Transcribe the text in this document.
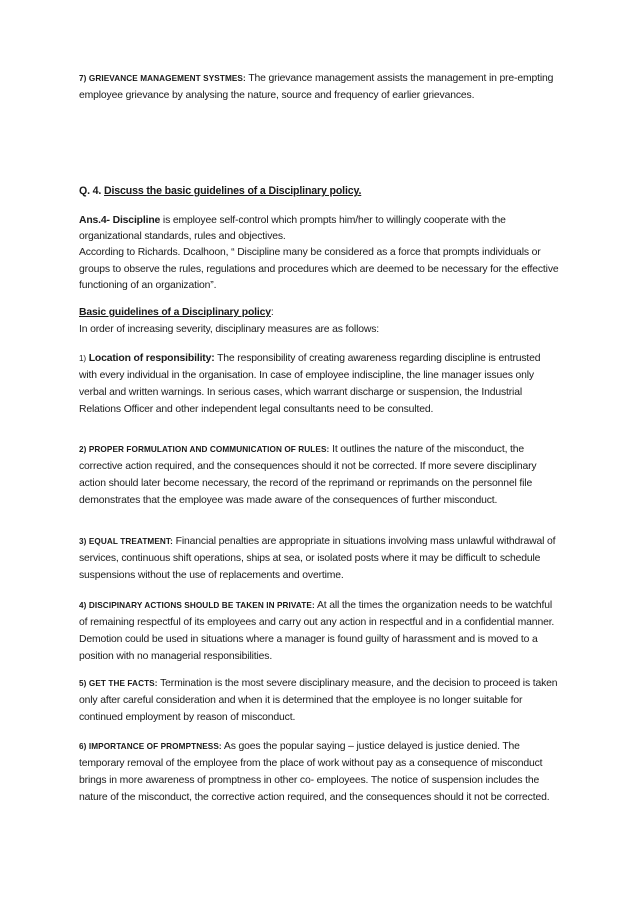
7) GRIEVANCE MANAGEMENT SYSTMES: The grievance management assists the management in pre-empting employee grievance by analysing the nature, source and frequency of earlier grievances.

Q. 4. Discuss the basic guidelines of a Disciplinary policy.

Ans.4- Discipline is employee self-control which prompts him/her to willingly cooperate with the organizational standards, rules and objectives.

According to Richards. Dcalhoon, “ Discipline many be considered as a force that prompts individuals or groups to observe the rules, regulations and procedures which are deemed to be necessary for the effective functioning of an organization”.

Basic guidelines of a Disciplinary policy:

In order of increasing severity, disciplinary measures are as follows:

1) Location of responsibility: The responsibility of creating awareness regarding discipline is entrusted with every individual in the organisation. In case of employee indiscipline, the line manager issues only verbal and written warnings. In serious cases, which warrant discharge or suspension, the Industrial Relations Officer and other independent legal consultants need to be consulted.

2) PROPER FORMULATION AND COMMUNICATION OF RULES: It outlines the nature of the misconduct, the corrective action required, and the consequences should it not be corrected. If more severe disciplinary action should later become necessary, the record of the reprimand or reprimands on the personnel file demonstrates that the employee was made aware of the consequences of further misconduct.

3) EQUAL TREATMENT: Financial penalties are appropriate in situations involving mass unlawful withdrawal of services, continuous shift operations, ships at sea, or isolated posts where it may be difficult to schedule suspensions without the use of replacements and overtime.

4) DISCIPINARY ACTIONS SHOULD BE TAKEN IN PRIVATE: At all the times the organization needs to be watchful of remaining respectful of its employees and carry out any action in respectful and in a confidential manner. Demotion could be used in situations where a manager is found guilty of harassment and is moved to a position with no managerial responsibilities.

5) GET THE FACTS: Termination is the most severe disciplinary measure, and the decision to proceed is taken only after careful consideration and when it is determined that the employee is no longer suitable for continued employment by reason of misconduct.

6) IMPORTANCE OF PROMPTNESS: As goes the popular saying – justice delayed is justice denied. The temporary removal of the employee from the place of work without pay as a consequence of misconduct brings in more awareness of promptness in other co- employees. The notice of suspension includes the nature of the misconduct, the corrective action required, and the consequences should it not be corrected.
